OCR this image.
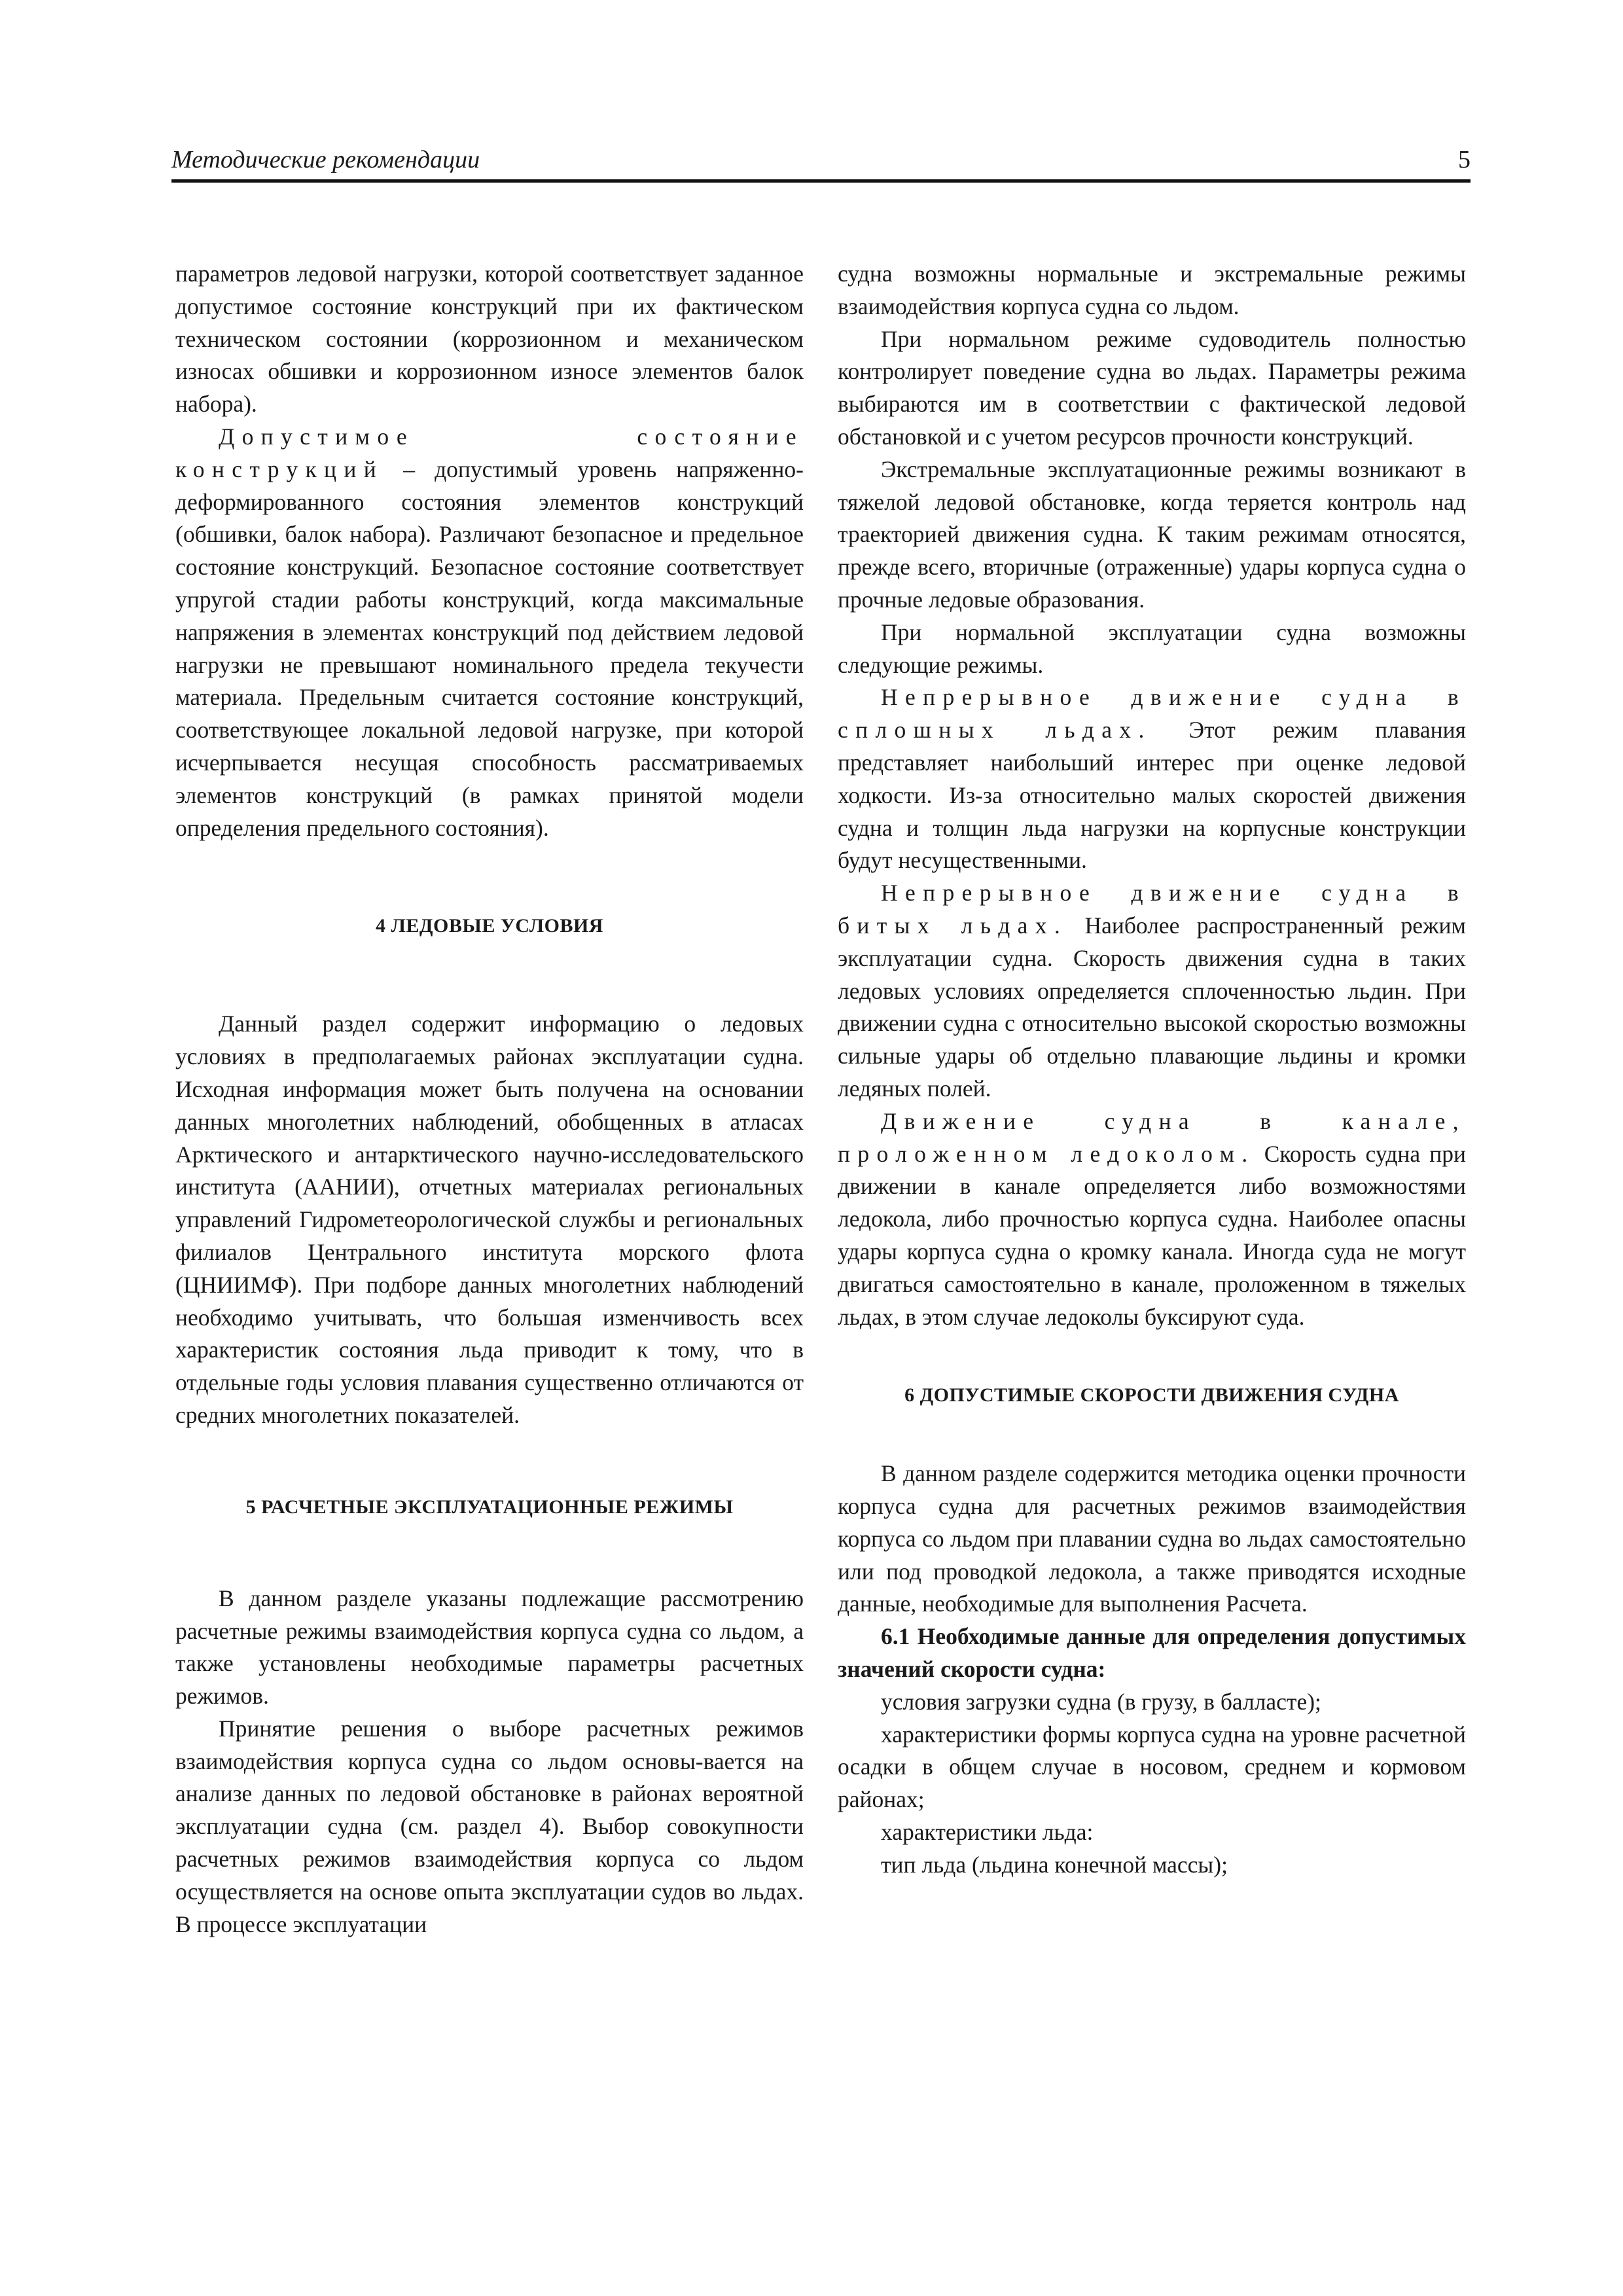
Методические рекомендации	5

параметров ледовой нагрузки, которой соответствует заданное допустимое состояние конструкций при их фактическом техническом состоянии (коррозионном и механическом износах обшивки и коррозионном износе элементов балок набора).

Допустимое состояние конструкций – допустимый уровень напряженно-деформированного состояния элементов конструкций (обшивки, балок набора). Различают безопасное и предельное состояние конструкций. Безопасное состояние соответствует упругой стадии работы конструкций, когда максимальные напряжения в элементах конструкций под действием ледовой нагрузки не превышают номинального предела текучести материала. Предельным считается состояние конструкций, соответствующее локальной ледовой нагрузке, при которой исчерпывается несущая способность рассматриваемых элементов конструкций (в рамках принятой модели определения предельного состояния).

4 ЛЕДОВЫЕ УСЛОВИЯ

Данный раздел содержит информацию о ледовых условиях в предполагаемых районах эксплуатации судна. Исходная информация может быть получена на основании данных многолетних наблюдений, обобщенных в атласах Арктического и антарктического научно-исследовательского института (ААНИИ), отчетных материалах региональных управлений Гидрометеорологической службы и региональных филиалов Центрального института морского флота (ЦНИИМФ). При подборе данных многолетних наблюдений необходимо учитывать, что большая изменчивость всех характеристик состояния льда приводит к тому, что в отдельные годы условия плавания существенно отличаются от средних многолетних показателей.

5 РАСЧЕТНЫЕ ЭКСПЛУАТАЦИОННЫЕ РЕЖИМЫ

В данном разделе указаны подлежащие рассмотрению расчетные режимы взаимодействия корпуса судна со льдом, а также установлены необходимые параметры расчетных режимов.

Принятие решения о выборе расчетных режимов взаимодействия корпуса судна со льдом основы-вается на анализе данных по ледовой обстановке в районах вероятной эксплуатации судна (см. раздел 4). Выбор совокупности расчетных режимов взаимодействия корпуса со льдом осуществляется на основе опыта эксплуатации судов во льдах. В процессе эксплуатации

судна возможны нормальные и экстремальные режимы взаимодействия корпуса судна со льдом.

При нормальном режиме судоводитель полностью контролирует поведение судна во льдах. Параметры режима выбираются им в соответствии с фактической ледовой обстановкой и с учетом ресурсов прочности конструкций.

Экстремальные эксплуатационные режимы возникают в тяжелой ледовой обстановке, когда теряется контроль над траекторией движения судна. К таким режимам относятся, прежде всего, вторичные (отраженные) удары корпуса судна о прочные ледовые образования.

При нормальной эксплуатации судна возможны следующие режимы.

Непрерывное движение судна в сплошных льдах. Этот режим плавания представляет наибольший интерес при оценке ледовой ходкости. Из-за относительно малых скоростей движения судна и толщин льда нагрузки на корпусные конструкции будут несущественными.

Непрерывное движение судна в битых льдах. Наиболее распространенный режим эксплуатации судна. Скорость движения судна в таких ледовых условиях определяется сплоченностью льдин. При движении судна с относительно высокой скоростью возможны сильные удары об отдельно плавающие льдины и кромки ледяных полей.

Движение судна в канале, проложенном ледоколом. Скорость судна при движении в канале определяется либо возможностями ледокола, либо прочностью корпуса судна. Наиболее опасны удары корпуса судна о кромку канала. Иногда суда не могут двигаться самостоятельно в канале, проложенном в тяжелых льдах, в этом случае ледоколы буксируют суда.

6 ДОПУСТИМЫЕ СКОРОСТИ ДВИЖЕНИЯ СУДНА

В данном разделе содержится методика оценки прочности корпуса судна для расчетных режимов взаимодействия корпуса со льдом при плавании судна во льдах самостоятельно или под проводкой ледокола, а также приводятся исходные данные, необходимые для выполнения Расчета.

6.1 Необходимые данные для определения допустимых значений скорости судна:

условия загрузки судна (в грузу, в балласте);

характеристики формы корпуса судна на уровне расчетной осадки в общем случае в носовом, среднем и кормовом районах;

характеристики льда:

тип льда (льдина конечной массы);
